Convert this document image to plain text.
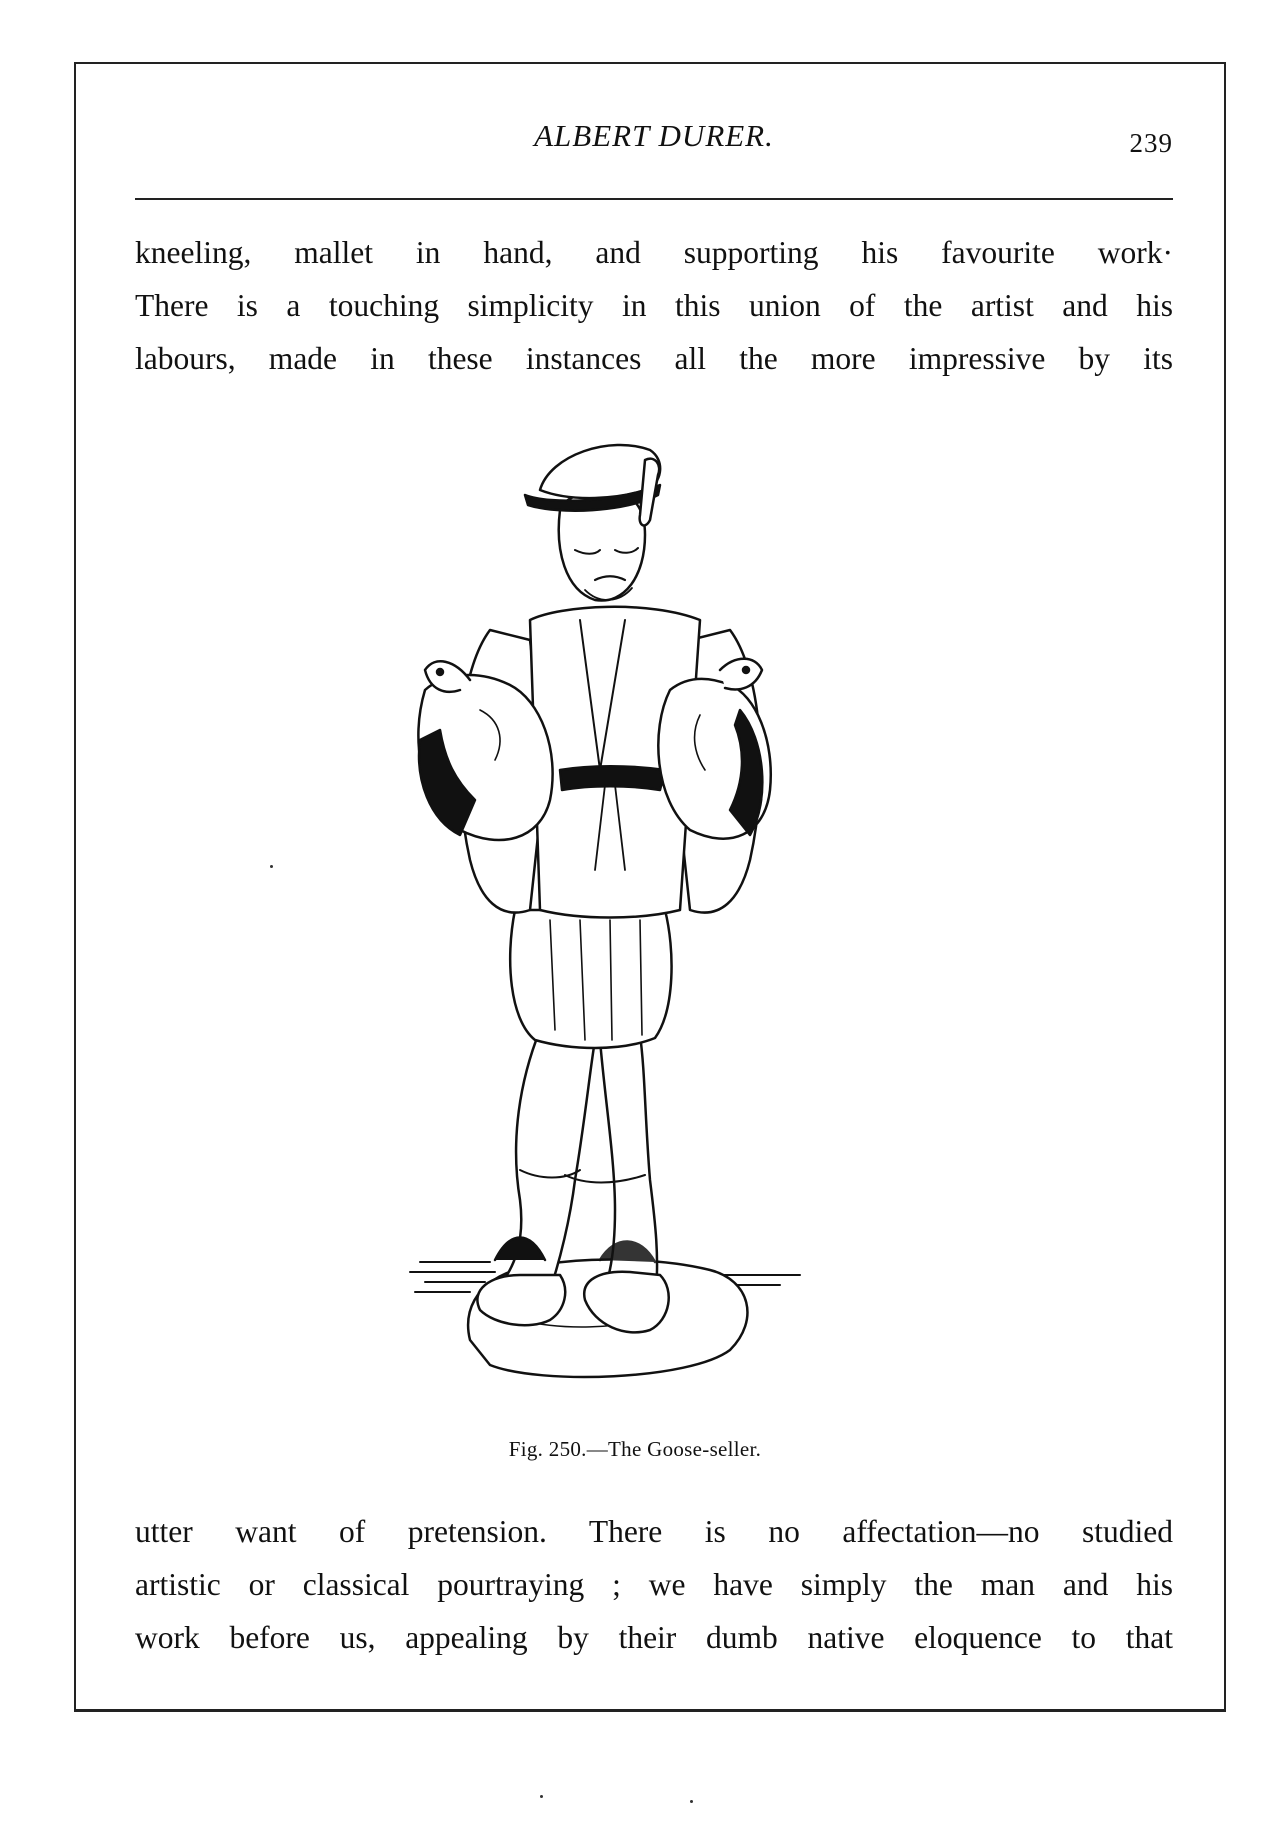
ALBERT DURER.	239
kneeling, mallet in hand, and supporting his favourite work·
There is a touching simplicity in this union of the artist and his
labours, made in these instances all the more impressive by its
Fig. 250.—The Goose-seller.
utter want of pretension. There is no affectation—no studied
artistic or classical pourtraying ; we have simply the man and his
work before us, appealing by their dumb native eloquence to that
